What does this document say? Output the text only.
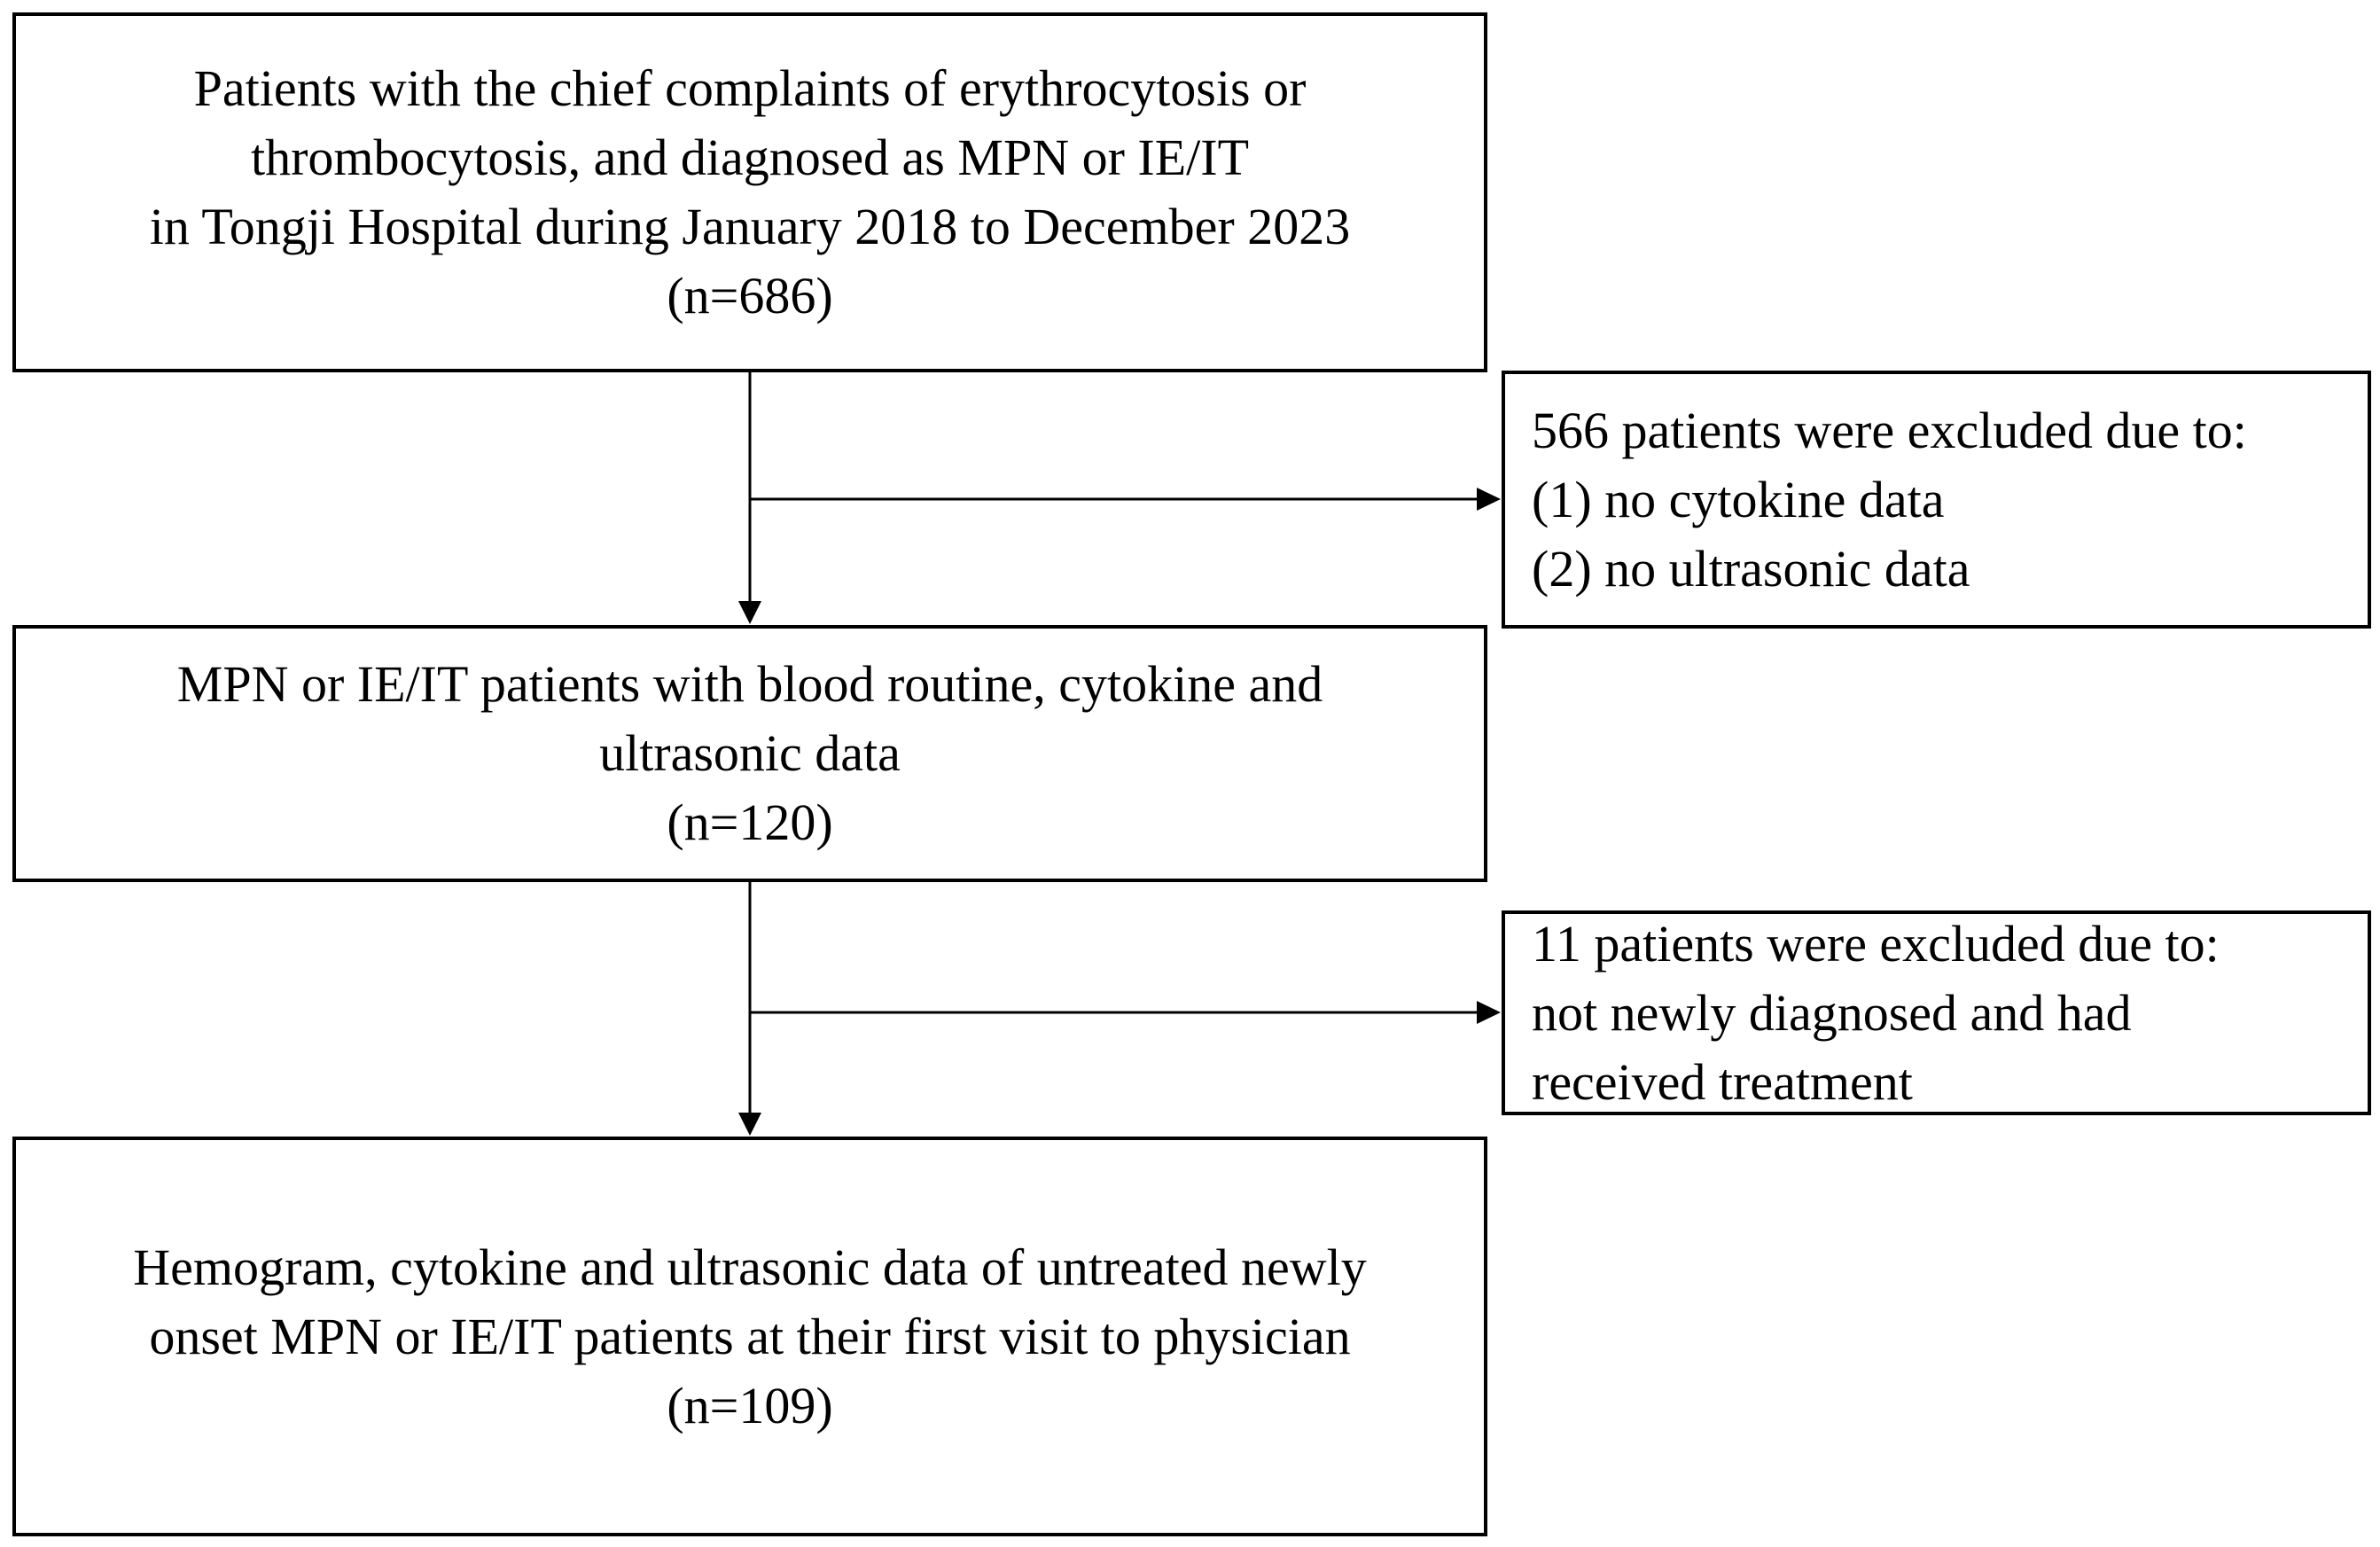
Patients with the chief complaints of erythrocytosis or
thrombocytosis, and diagnosed as MPN or IE/IT
in Tongji Hospital during January 2018 to December 2023
(n=686)
566 patients were excluded due to:
(1) no cytokine data
(2) no ultrasonic data
MPN or IE/IT patients with blood routine, cytokine and
ultrasonic data
(n=120)
11 patients were excluded due to:
not newly diagnosed and had
received treatment
Hemogram, cytokine and ultrasonic data of untreated newly
onset MPN or IE/IT patients at their first visit to physician
(n=109)
